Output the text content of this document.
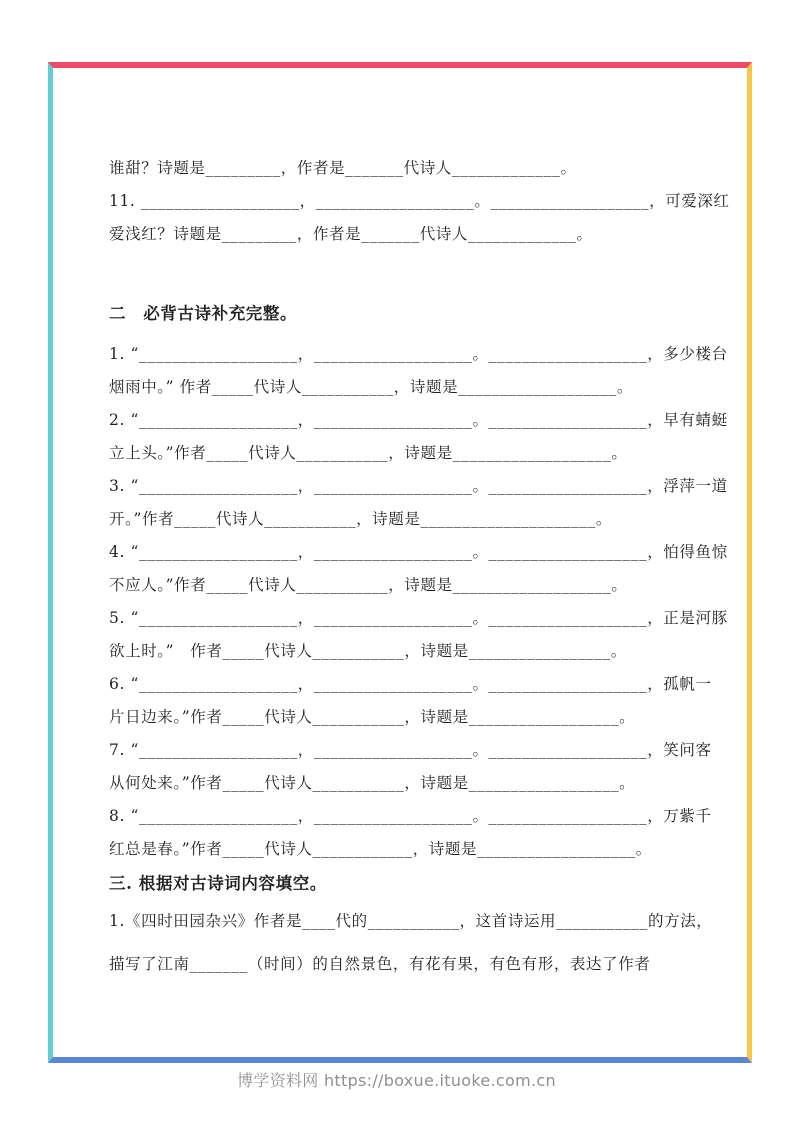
谁甜？诗题是_________，作者是_______代诗人_____________。
11. ___________________，___________________。___________________，可爱深红
爱浅红？诗题是_________，作者是_______代诗人_____________。
二　必背古诗补充完整。
1. “___________________，___________________。___________________，多少楼台
烟雨中。” 作者_____代诗人___________，诗题是___________________。
2. “___________________，___________________。___________________，早有蜻蜓
立上头。”作者_____代诗人___________，诗题是___________________。
3. “___________________，___________________。___________________，浮萍一道
开。”作者_____代诗人___________，诗题是_____________________。
4. “___________________，___________________。___________________，怕得鱼惊
不应人。”作者_____代诗人___________，诗题是___________________。
5. “___________________，___________________。___________________，正是河豚
欲上时。”　作者_____代诗人___________，诗题是_________________。
6. “___________________，___________________。___________________，孤帆一
片日边来。”作者_____代诗人___________，诗题是__________________。
7. “___________________，___________________。___________________，笑问客
从何处来。”作者_____代诗人___________，诗题是__________________。
8. “___________________，___________________。___________________，万紫千
红总是春。”作者_____代诗人____________，诗题是___________________。
三. 根据对古诗词内容填空。
1.《四时田园杂兴》作者是____代的___________，这首诗运用___________的方法，
描写了江南_______（时间）的自然景色，有花有果，有色有形，表达了作者
博学资料网 https://boxue.ituoke.com.cn
